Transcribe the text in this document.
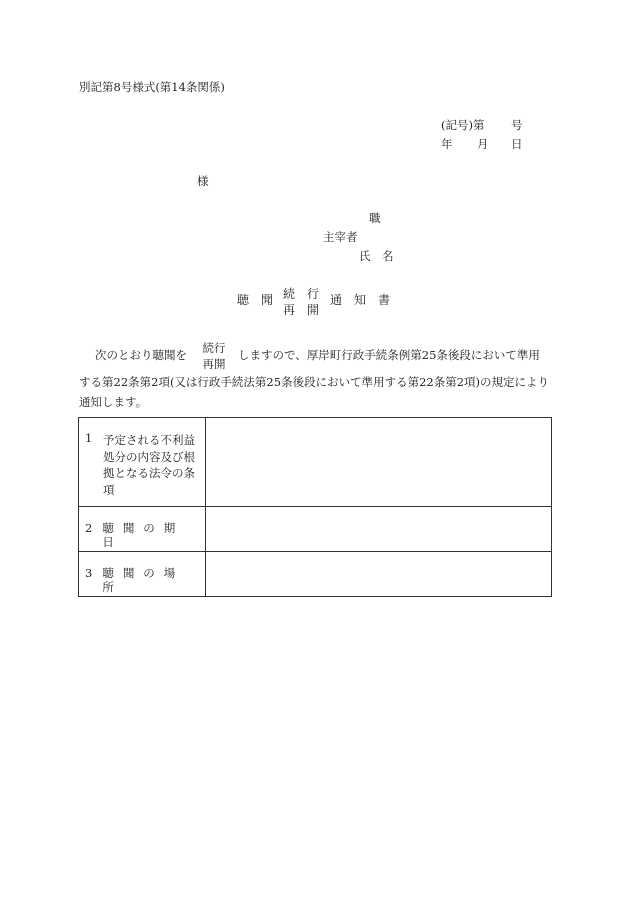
別記第8号様式(第14条関係)
(記号)第 号
年 月 日
様
職
主宰者
氏　名
聴　聞 続　行
再　開
通　知　書
次のとおり聴聞を	続行
再開
しますので、厚岸町行政手続条例第25条後段において準用
する第22条第2項(又は行政手続法第25条後段において準用する第22条第2項)の規定により
通知します。
1 予定される不利益処分の内容及び根拠となる法令の条項	

2 聴聞の期日	

3 聴聞の場所	
